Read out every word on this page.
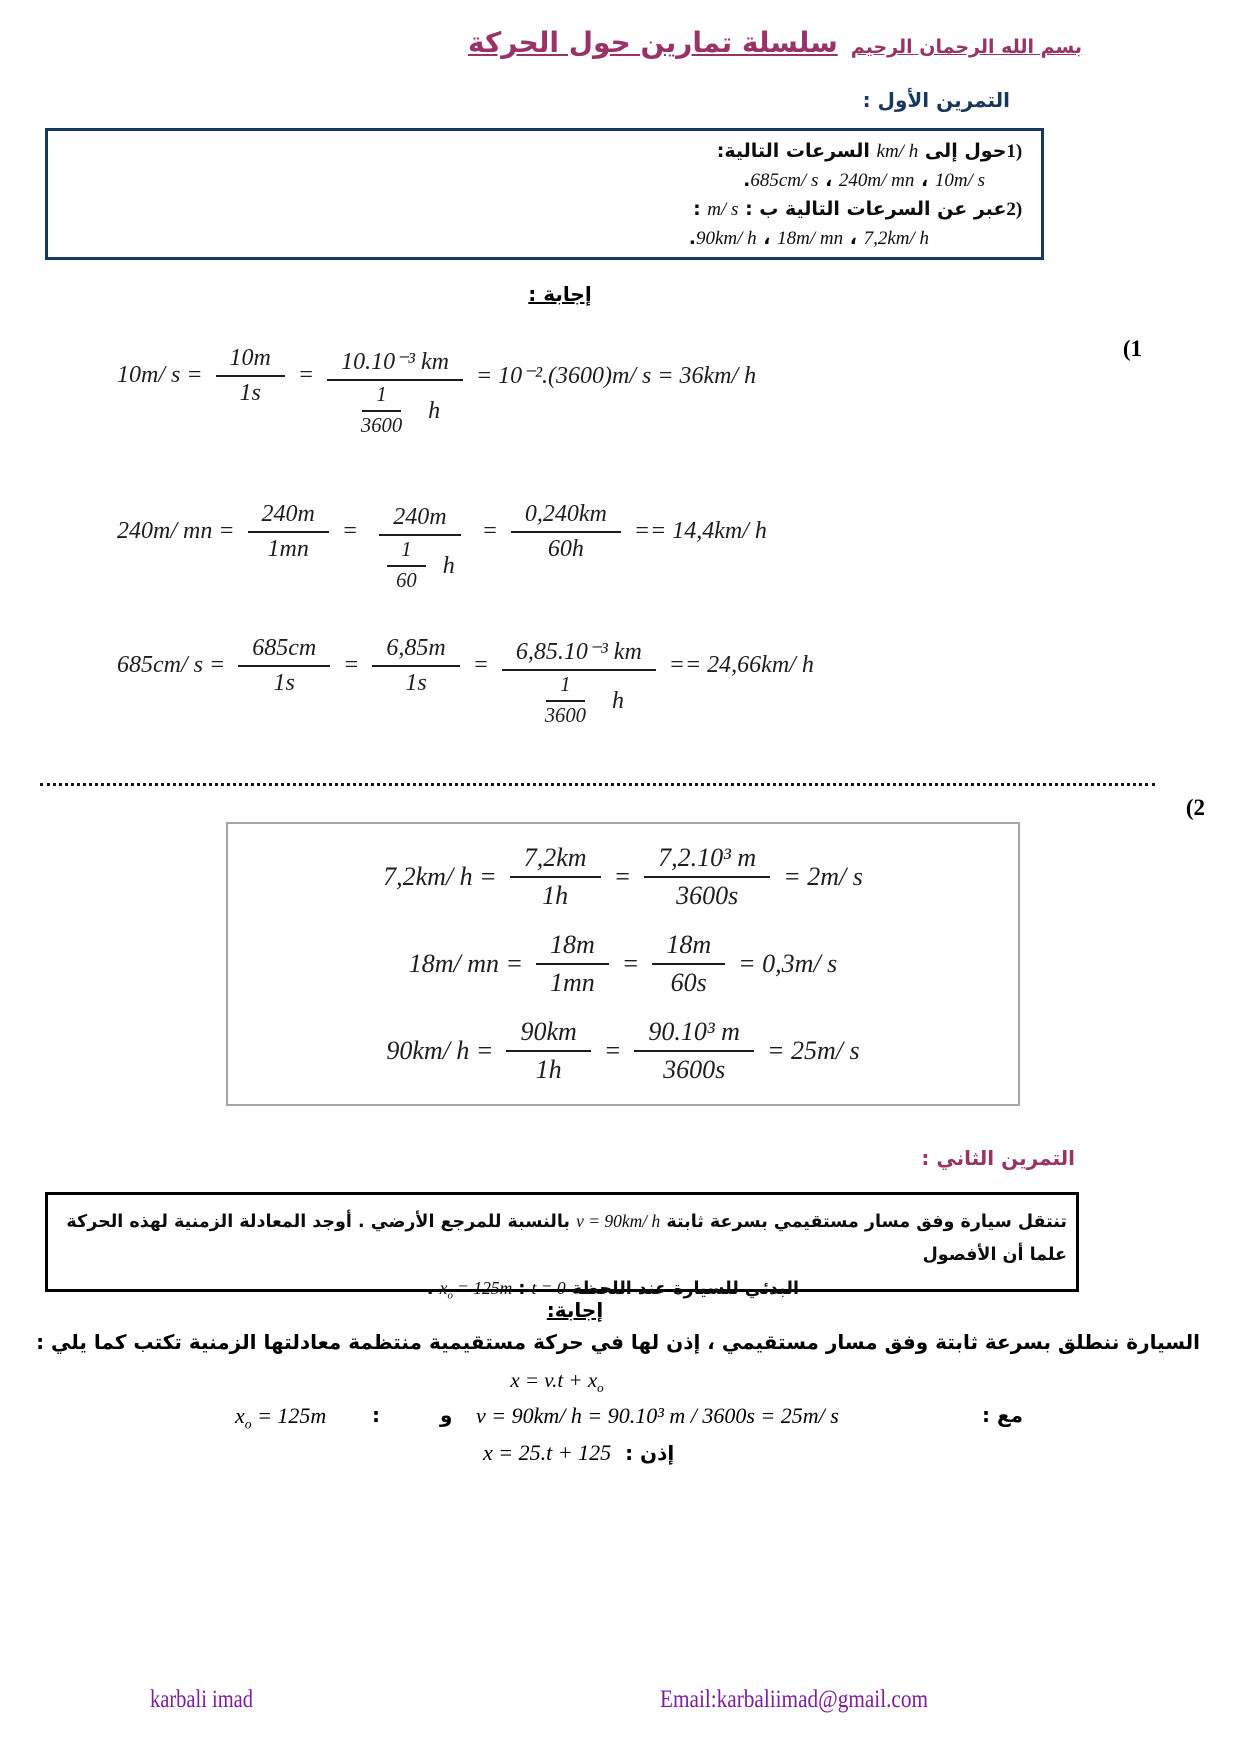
بسم الله الرحمان الرحيم
سلسلة تمارين حول الحركة
التمرين الأول :
1) حول إلى km/ h السرعات التالية:
10m/ s ، 240m/ mn ، 685cm/ s.
2) عبر عن السرعات التالية ب : m/ s :
7,2km/ h ، 18m/ mn ، 90km/ h.
إجابة :
(1
10m/ $s = \frac{10m}{1s} = \frac{\text{10.10⁻³ km}}{\frac{1}{3600} h} = 10^{-2}.(3600)m/$ s = 36km/ h
240m/ mn = $\frac{240m}{1mn} = \frac{240m}{\frac{1}{60} h} = \frac{0,240km}{60h} == 14,4km/$ h
685cm/ $s = \frac{685cm}{1s} = \frac{6,85m}{1s} = \frac{\text{6,85.10⁻³ km}}{\frac{1}{3600} h} == 24,66km/$ h
(2
7,2km/ $h = \frac{7,2km}{1h} = \frac{\text{7,2.10³ m}}{3600s} = 2m/$ s
18m/ mn = $\frac{18m}{1mn} = \frac{18m}{60s} = 0,3m/$ s
90km/ $h = \frac{90km}{1h} = \frac{\text{90.10³ m}}{3600s} = 25m/$ s
التمرين الثاني :
تنتقل سيارة وفق مسار مستقيمي بسرعة ثابتة v = 90km/ h بالنسبة للمرجع الأرضي . أوجد المعادلة الزمنية لهذه الحركة علما أن الأفصول
البدئي للسيارة عند اللحظة t = 0 : $x_o = 125m$ .
إجابة:
السيارة ننطلق بسرعة ثابتة وفق مسار مستقيمي ، إذن لها في حركة مستقيمية منتظمة معادلتها الزمنية تكتب كما يلي :
$x = v.t + x_o$
$x_o = 125m$ :	و v = 90km/ h = 90.10³ m / 3600s = 25m/ s	مع :
x = 25.t + 125 إذن :
karbali imad	Email:karbaliimad@gmail.com
